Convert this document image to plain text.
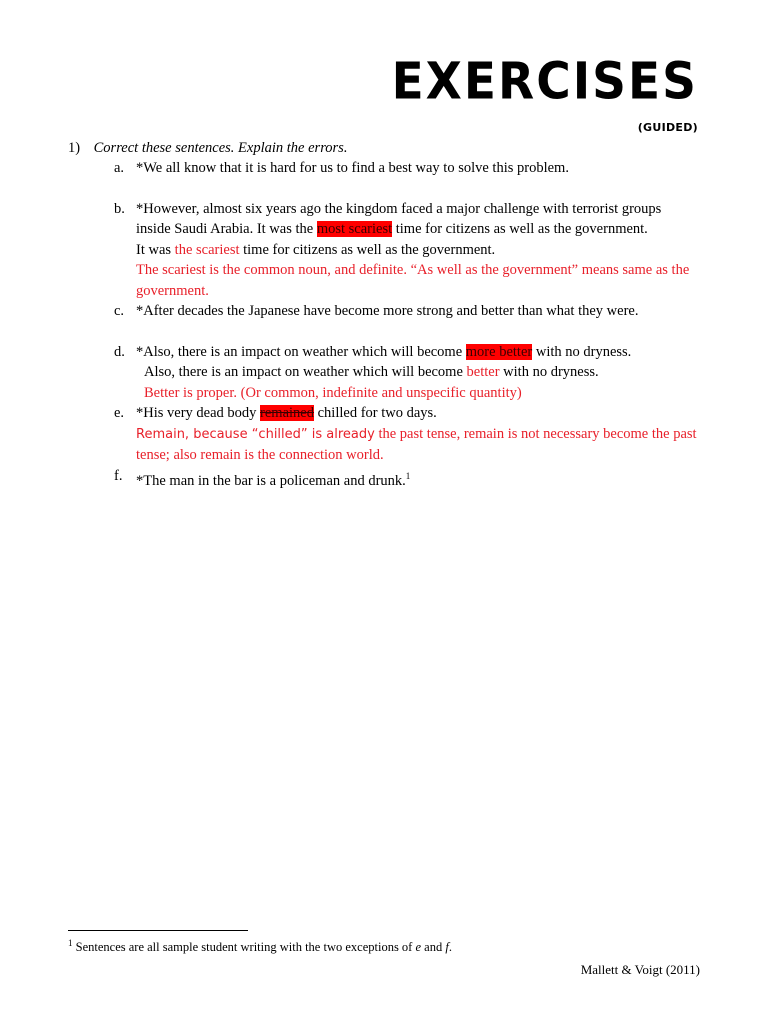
EXERCISES
(GUIDED)
1) Correct these sentences. Explain the errors.
a. *We all know that it is hard for us to find a best way to solve this problem.
b. *However, almost six years ago the kingdom faced a major challenge with terrorist groups
inside Saudi Arabia. It was the most scariest time for citizens as well as the government.
It was the scariest time for citizens as well as the government.
The scariest is the common noun, and definite. “As well as the government” means same as the government.
c. *After decades the Japanese have become more strong and better than what they were.
d. *Also, there is an impact on weather which will become more better with no dryness.
Also, there is an impact on weather which will become better with no dryness.
Better is proper. (Or common, indefinite and unspecific quantity)
e. *His very dead body remained chilled for two days.
Remain, because “chilled” is already the past tense, remain is not necessary become the past tense; also remain is the connection world.
f. *The man in the bar is a policeman and drunk.$^1$
$^1$ Sentences are all sample student writing with the two exceptions of e and f.
Mallett & Voigt (2011)
